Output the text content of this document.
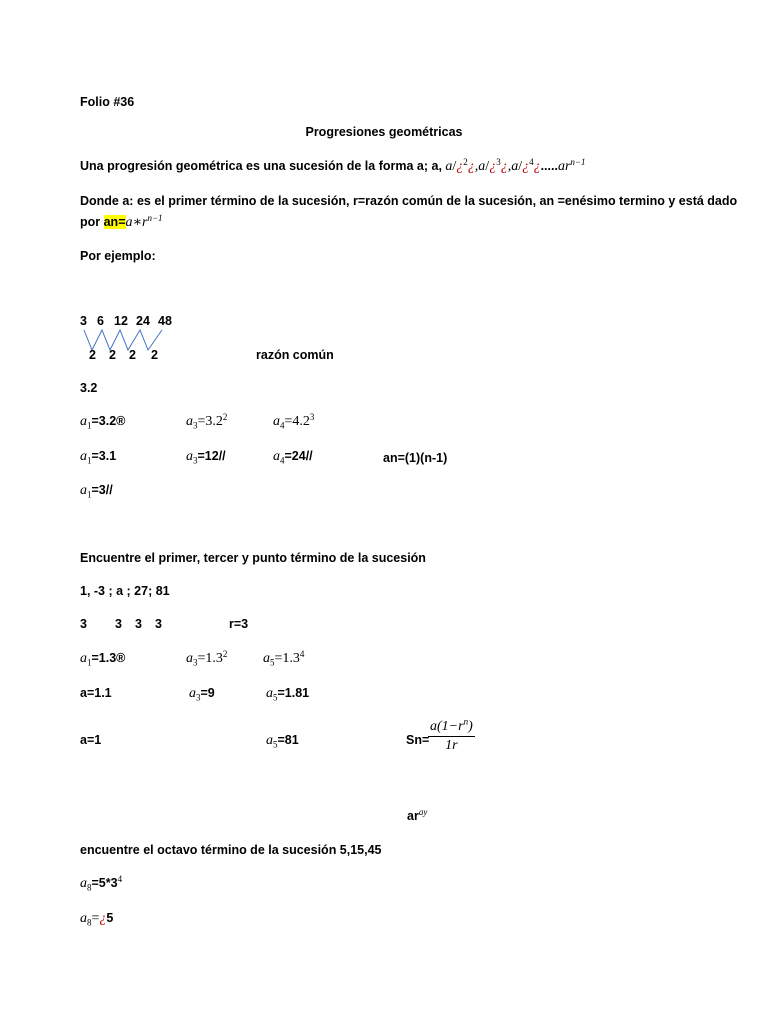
Folio #36
Progresiones geométricas
Una progresión geométrica es una sucesión de la forma a; a, $a/¿^2¿,a/¿^3¿,a/¿^4¿.....ar^{n-1}$
Donde a: es el primer término de la sucesión, r=razón común de la sucesión, an =enésimo termino y está dado
por $an=a∗r^{n-1}$
Por ejemplo:
3 6 12 24 48
2 2 2 2	razón común
3.2
$a_1=3.2®$	$a_3=3.2^2$	$a_4=4.2^3$
$a_1=3.1$	$a_3=12//$	$a_4=24//$	an=(1)(n-1)
$a_1=3//$
Encuentre el primer, tercer y punto término de la sucesión
1, -3 ; a ; 27; 81
3 3 3 3	r=3
$a_1=1.3®$	$a_3=1.3^2$	$a_5=1.3^4$
a=1.1	$a_3=9$	$a_5=1.81$
a=1	$a_5=81$	Sn=
$\frac{a(1-r^n)}{1r}$
$ar^{ay}$
encuentre el octavo término de la sucesión 5,15,45
$a_8=5*3^4$
$a_8=¿5$
